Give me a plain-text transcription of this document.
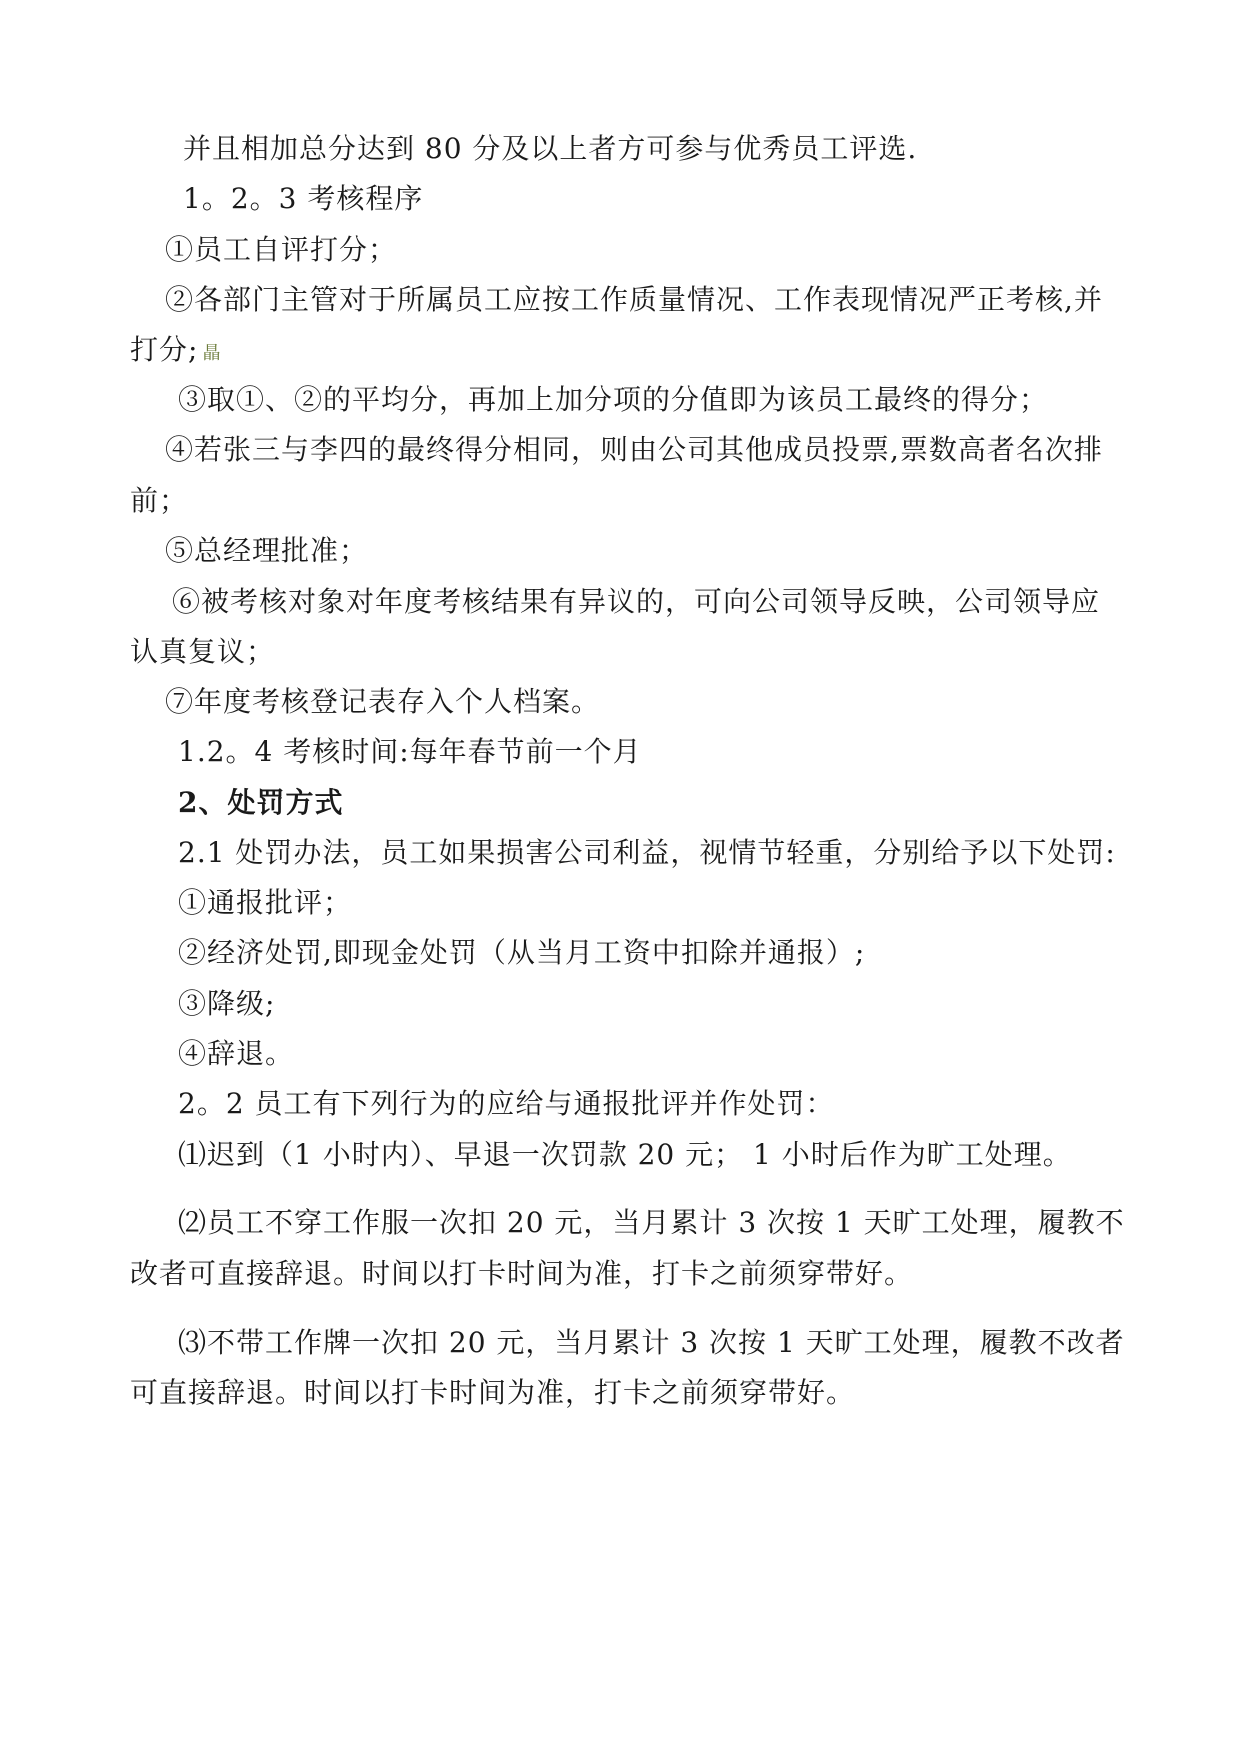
并且相加总分达到 80 分及以上者方可参与优秀员工评选.
1。2。3 考核程序
①员工自评打分；
②各部门主管对于所属员工应按工作质量情况、工作表现情况严正考核,并
打分; 瞐
③取①、②的平均分，再加上加分项的分值即为该员工最终的得分；
④若张三与李四的最终得分相同，则由公司其他成员投票,票数高者名次排
前；
⑤总经理批准；
⑥被考核对象对年度考核结果有异议的，可向公司领导反映，公司领导应
认真复议；
⑦年度考核登记表存入个人档案。
1.2。4 考核时间:每年春节前一个月
2、处罚方式
2.1 处罚办法，员工如果损害公司利益，视情节轻重，分别给予以下处罚:
①通报批评；
②经济处罚,即现金处罚（从当月工资中扣除并通报）;
③降级;
④辞退。
2。2 员工有下列行为的应给与通报批评并作处罚：
⑴迟到（1 小时内）、早退一次罚款 20 元； 1 小时后作为旷工处理。
⑵员工不穿工作服一次扣 20 元，当月累计 3 次按 1 天旷工处理，履教不
改者可直接辞退。时间以打卡时间为准，打卡之前须穿带好。
⑶不带工作牌一次扣 20 元，当月累计 3 次按 1 天旷工处理，履教不改者
可直接辞退。时间以打卡时间为准，打卡之前须穿带好。
